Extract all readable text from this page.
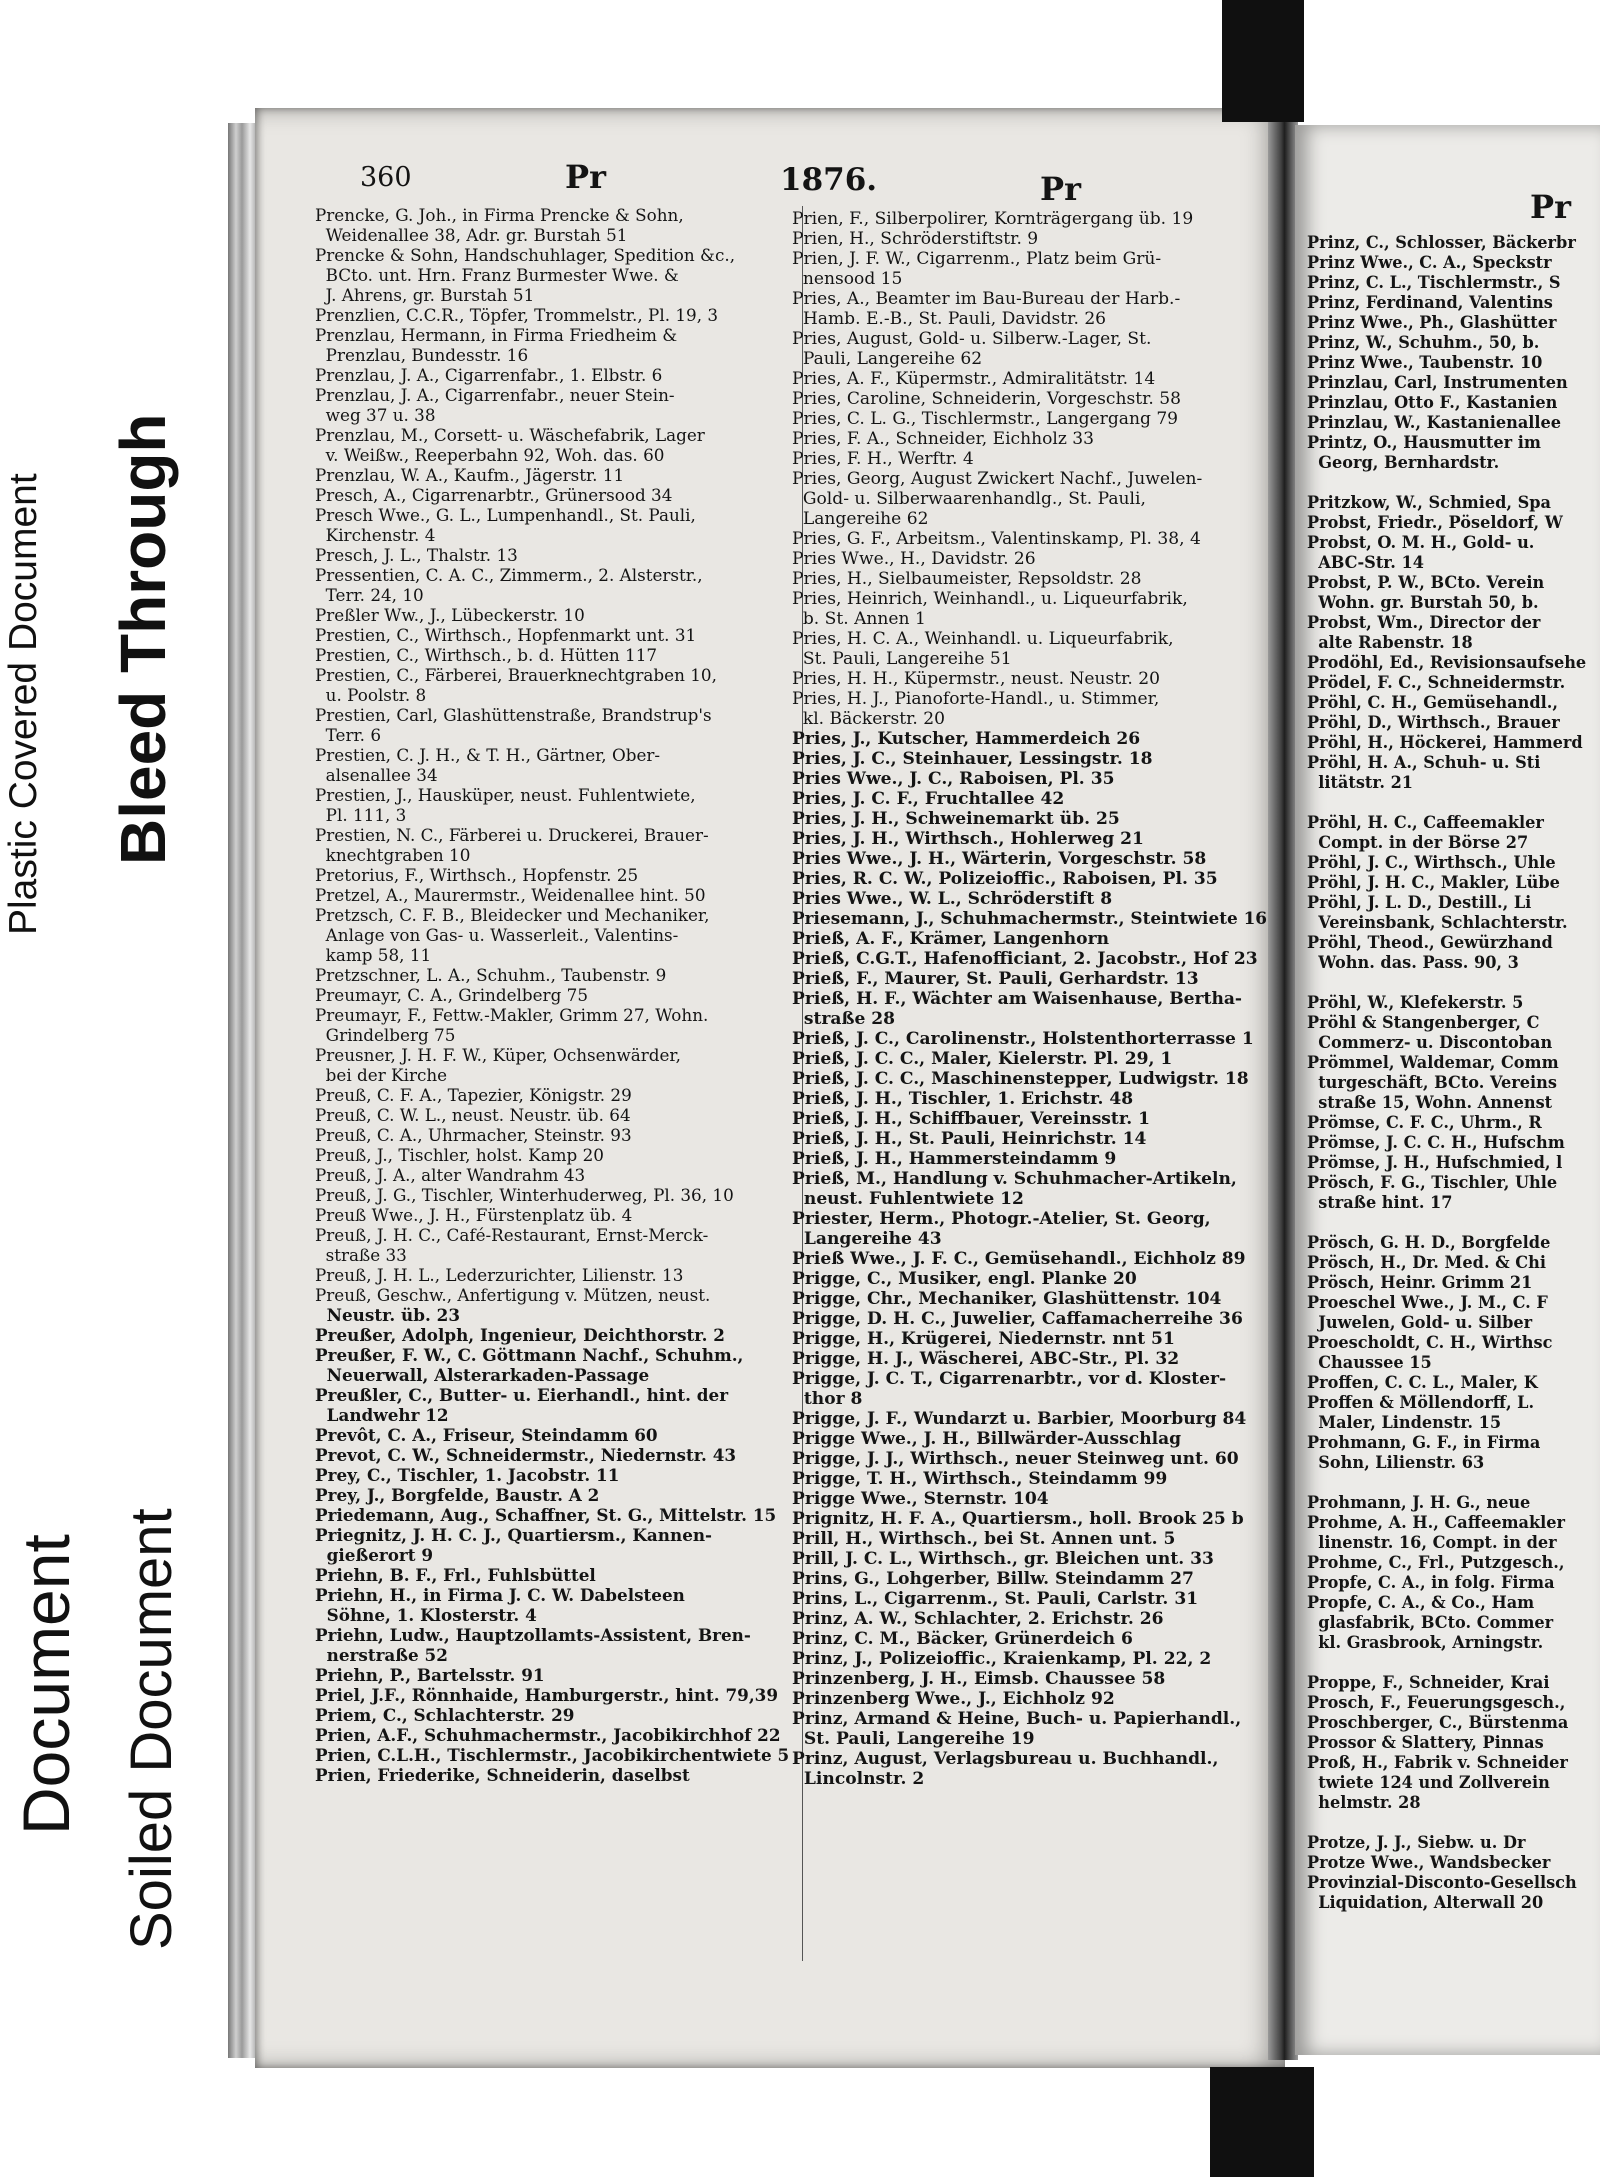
Plastic Covered Document Bleed Through
Document Soiled Document
Prinz, C., Schlosser, Bäckerbr
Prinz Wwe., C. A., Speckstr
Prinz, C. L., Tischlermstr., S
Prinz, Ferdinand, Valentins
Prinz Wwe., Ph., Glashütter
Prinz, W., Schuhm., 50, b.
Prinz Wwe., Taubenstr. 10
Prinzlau, Carl, Instrumenten
Prinzlau, Otto F., Kastanien
Prinzlau, W., Kastanienallee
Printz, O., Hausmutter im
Georg, Bernhardstr.

Pritzkow, W., Schmied, Spa
Probst, Friedr., Pöseldorf, W
Probst, O. M. H., Gold- u.
ABC-Str. 14
Probst, P. W., BCto. Verein
Wohn. gr. Burstah 50, b.
Probst, Wm., Director der
alte Rabenstr. 18
Prodöhl, Ed., Revisionsaufsehe
Prödel, F. C., Schneidermstr.
Pröhl, C. H., Gemüsehandl.,
Pröhl, D., Wirthsch., Brauer
Pröhl, H., Höckerei, Hammerd
Pröhl, H. A., Schuh- u. Sti
litätstr. 21

Pröhl, H. C., Caffeemakler
Compt. in der Börse 27
Pröhl, J. C., Wirthsch., Uhle
Pröhl, J. H. C., Makler, Lübe
Pröhl, J. L. D., Destill., Li
Vereinsbank, Schlachterstr.
Pröhl, Theod., Gewürzhand
Wohn. das. Pass. 90, 3

Pröhl, W., Klefekerstr. 5
Pröhl & Stangenberger, C
Commerz- u. Discontoban
Prömmel, Waldemar, Comm
turgeschäft, BCto. Vereins
straße 15, Wohn. Annenst
Prömse, C. F. C., Uhrm., R
Prömse, J. C. C. H., Hufschm
Prömse, J. H., Hufschmied, l
Prösch, F. G., Tischler, Uhle
straße hint. 17

Prösch, G. H. D., Borgfelde
Prösch, H., Dr. Med. & Chi
Prösch, Heinr. Grimm 21
Proeschel Wwe., J. M., C. F
Juwelen, Gold- u. Silber
Proescholdt, C. H., Wirthsc
Chaussee 15
Proffen, C. C. L., Maler, K
Proffen & Möllendorff, L.
Maler, Lindenstr. 15
Prohmann, G. F., in Firma
Sohn, Lilienstr. 63

Prohmann, J. H. G., neue
Prohme, A. H., Caffeemakler
linenstr. 16, Compt. in der
Prohme, C., Frl., Putzgesch.,
Propfe, C. A., in folg. Firma
Propfe, C. A., & Co., Ham
glasfabrik, BCto. Commer
kl. Grasbrook, Arningstr.

Proppe, F., Schneider, Krai
Prosch, F., Feuerungsgesch.,
Proschberger, C., Bürstenma
Prossor & Slattery, Pinnas
Proß, H., Fabrik v. Schneider
twiete 124 und Zollverein
helmstr. 28

Protze, J. J., Siebw. u. Dr
Protze Wwe., Wandsbecker
Provinzial-Disconto-Gesellsch
Liquidation, Alterwall 20
360	Pr	1876.	Pr	Pr
Prencke, G. Joh., in Firma Prencke & Sohn,
Weidenallee 38, Adr. gr. Burstah 51
Prencke & Sohn, Handschuhlager, Spedition &c.,
BCto. unt. Hrn. Franz Burmester Wwe. &
J. Ahrens, gr. Burstah 51
Prenzlien, C.C.R., Töpfer, Trommelstr., Pl. 19, 3
Prenzlau, Hermann, in Firma Friedheim &
Prenzlau, Bundesstr. 16
Prenzlau, J. A., Cigarrenfabr., 1. Elbstr. 6
Prenzlau, J. A., Cigarrenfabr., neuer Stein-
weg 37 u. 38
Prenzlau, M., Corsett- u. Wäschefabrik, Lager
v. Weißw., Reeperbahn 92, Woh. das. 60
Prenzlau, W. A., Kaufm., Jägerstr. 11
Presch, A., Cigarrenarbtr., Grünersood 34
Presch Wwe., G. L., Lumpenhandl., St. Pauli,
Kirchenstr. 4
Presch, J. L., Thalstr. 13
Pressentien, C. A. C., Zimmerm., 2. Alsterstr.,
Terr. 24, 10
Preßler Ww., J., Lübeckerstr. 10
Prestien, C., Wirthsch., Hopfenmarkt unt. 31
Prestien, C., Wirthsch., b. d. Hütten 117
Prestien, C., Färberei, Brauerknechtgraben 10,
u. Poolstr. 8
Prestien, Carl, Glashüttenstraße, Brandstrup's
Terr. 6
Prestien, C. J. H., & T. H., Gärtner, Ober-
alsenallee 34
Prestien, J., Hausküper, neust. Fuhlentwiete,
Pl. 111, 3
Prestien, N. C., Färberei u. Druckerei, Brauer-
knechtgraben 10
Pretorius, F., Wirthsch., Hopfenstr. 25
Pretzel, A., Maurermstr., Weidenallee hint. 50
Pretzsch, C. F. B., Bleidecker und Mechaniker,
Anlage von Gas- u. Wasserleit., Valentins-
kamp 58, 11
Pretzschner, L. A., Schuhm., Taubenstr. 9
Preumayr, C. A., Grindelberg 75
Preumayr, F., Fettw.-Makler, Grimm 27, Wohn.
Grindelberg 75
Preusner, J. H. F. W., Küper, Ochsenwärder,
bei der Kirche
Preuß, C. F. A., Tapezier, Königstr. 29
Preuß, C. W. L., neust. Neustr. üb. 64
Preuß, C. A., Uhrmacher, Steinstr. 93
Preuß, J., Tischler, holst. Kamp 20
Preuß, J. A., alter Wandrahm 43
Preuß, J. G., Tischler, Winterhuderweg, Pl. 36, 10
Preuß Wwe., J. H., Fürstenplatz üb. 4
Preuß, J. H. C., Café-Restaurant, Ernst-Merck-
straße 33
Preuß, J. H. L., Lederzurichter, Lilienstr. 13
Preuß, Geschw., Anfertigung v. Mützen, neust.
Neustr. üb. 23
Preußer, Adolph, Ingenieur, Deichthorstr. 2
Preußer, F. W., C. Göttmann Nachf., Schuhm.,
Neuerwall, Alsterarkaden-Passage
Preußler, C., Butter- u. Eierhandl., hint. der
Landwehr 12
Prevôt, C. A., Friseur, Steindamm 60
Prevot, C. W., Schneidermstr., Niedernstr. 43
Prey, C., Tischler, 1. Jacobstr. 11
Prey, J., Borgfelde, Baustr. A 2
Priedemann, Aug., Schaffner, St. G., Mittelstr. 15
Priegnitz, J. H. C. J., Quartiersm., Kannen-
gießerort 9
Priehn, B. F., Frl., Fuhlsbüttel
Priehn, H., in Firma J. C. W. Dabelsteen
Söhne, 1. Klosterstr. 4
Priehn, Ludw., Hauptzollamts-Assistent, Bren-
nerstraße 52
Priehn, P., Bartelsstr. 91
Priel, J.F., Rönnhaide, Hamburgerstr., hint. 79,39
Priem, C., Schlachterstr. 29
Prien, A.F., Schuhmachermstr., Jacobikirchhof 22
Prien, C.L.H., Tischlermstr., Jacobikirchentwiete 5
Prien, Friederike, Schneiderin, daselbst
Prien, F., Silberpolirer, Kornträgergang üb. 19
Prien, H., Schröderstiftstr. 9
Prien, J. F. W., Cigarrenm., Platz beim Grü-
nensood 15
Pries, A., Beamter im Bau-Bureau der Harb.-
Hamb. E.-B., St. Pauli, Davidstr. 26
Pries, August, Gold- u. Silberw.-Lager, St.
Pauli, Langereihe 62
Pries, A. F., Küpermstr., Admiralitätstr. 14
Pries, Caroline, Schneiderin, Vorgeschstr. 58
Pries, C. L. G., Tischlermstr., Langergang 79
Pries, F. A., Schneider, Eichholz 33
Pries, F. H., Werftr. 4
Pries, Georg, August Zwickert Nachf., Juwelen-
Gold- u. Silberwaarenhandlg., St. Pauli,
Langereihe 62
Pries, G. F., Arbeitsm., Valentinskamp, Pl. 38, 4
Pries Wwe., H., Davidstr. 26
Pries, H., Sielbaumeister, Repsoldstr. 28
Pries, Heinrich, Weinhandl., u. Liqueurfabrik,
b. St. Annen 1
Pries, H. C. A., Weinhandl. u. Liqueurfabrik,
St. Pauli, Langereihe 51
Pries, H. H., Küpermstr., neust. Neustr. 20
Pries, H. J., Pianoforte-Handl., u. Stimmer,
kl. Bäckerstr. 20
Pries, J., Kutscher, Hammerdeich 26
Pries, J. C., Steinhauer, Lessingstr. 18
Pries Wwe., J. C., Raboisen, Pl. 35
Pries, J. C. F., Fruchtallee 42
Pries, J. H., Schweinemarkt üb. 25
Pries, J. H., Wirthsch., Hohlerweg 21
Pries Wwe., J. H., Wärterin, Vorgeschstr. 58
Pries, R. C. W., Polizeioffic., Raboisen, Pl. 35
Pries Wwe., W. L., Schröderstift 8
Priesemann, J., Schuhmachermstr., Steintwiete 16
Prieß, A. F., Krämer, Langenhorn
Prieß, C.G.T., Hafenofficiant, 2. Jacobstr., Hof 23
Prieß, F., Maurer, St. Pauli, Gerhardstr. 13
Prieß, H. F., Wächter am Waisenhause, Bertha-
straße 28
Prieß, J. C., Carolinenstr., Holstenthorterrasse 1
Prieß, J. C. C., Maler, Kielerstr. Pl. 29, 1
Prieß, J. C. C., Maschinensteppеr, Ludwigstr. 18
Prieß, J. H., Tischler, 1. Erichstr. 48
Prieß, J. H., Schiffbauer, Vereinsstr. 1
Prieß, J. H., St. Pauli, Heinrichstr. 14
Prieß, J. H., Hammersteindamm 9
Prieß, M., Handlung v. Schuhmacher-Artikeln,
neust. Fuhlentwiete 12
Priester, Herm., Photogr.-Atelier, St. Georg,
Langereihe 43
Prieß Wwe., J. F. C., Gemüsehandl., Eichholz 89
Prigge, C., Musiker, engl. Planke 20
Prigge, Chr., Mechaniker, Glashüttenstr. 104
Prigge, D. H. C., Juwelier, Caffamacherreihe 36
Prigge, H., Krügerei, Niedernstr. nnt 51
Prigge, H. J., Wäscherei, ABC-Str., Pl. 32
Prigge, J. C. T., Cigarrenarbtr., vor d. Kloster-
thor 8
Prigge, J. F., Wundarzt u. Barbier, Moorburg 84
Prigge Wwe., J. H., Billwärder-Ausschlag
Prigge, J. J., Wirthsch., neuer Steinweg unt. 60
Prigge, T. H., Wirthsch., Steindamm 99
Prigge Wwe., Sternstr. 104
Prignitz, H. F. A., Quartiersm., holl. Brook 25 b
Prill, H., Wirthsch., bei St. Annen unt. 5
Prill, J. C. L., Wirthsch., gr. Bleichen unt. 33
Prins, G., Lohgerber, Billw. Steindamm 27
Prins, L., Cigarrenm., St. Pauli, Carlstr. 31
Prinz, A. W., Schlachter, 2. Erichstr. 26
Prinz, C. M., Bäcker, Grünerdeich 6
Prinz, J., Polizeioffic., Kraienkamp, Pl. 22, 2
Prinzenberg, J. H., Eimsb. Chaussee 58
Prinzenberg Wwe., J., Eichholz 92
Prinz, Armand & Heine, Buch- u. Papierhandl.,
St. Pauli, Langereihe 19
Prinz, August, Verlagsbureau u. Buchhandl.,
Lincolnstr. 2
